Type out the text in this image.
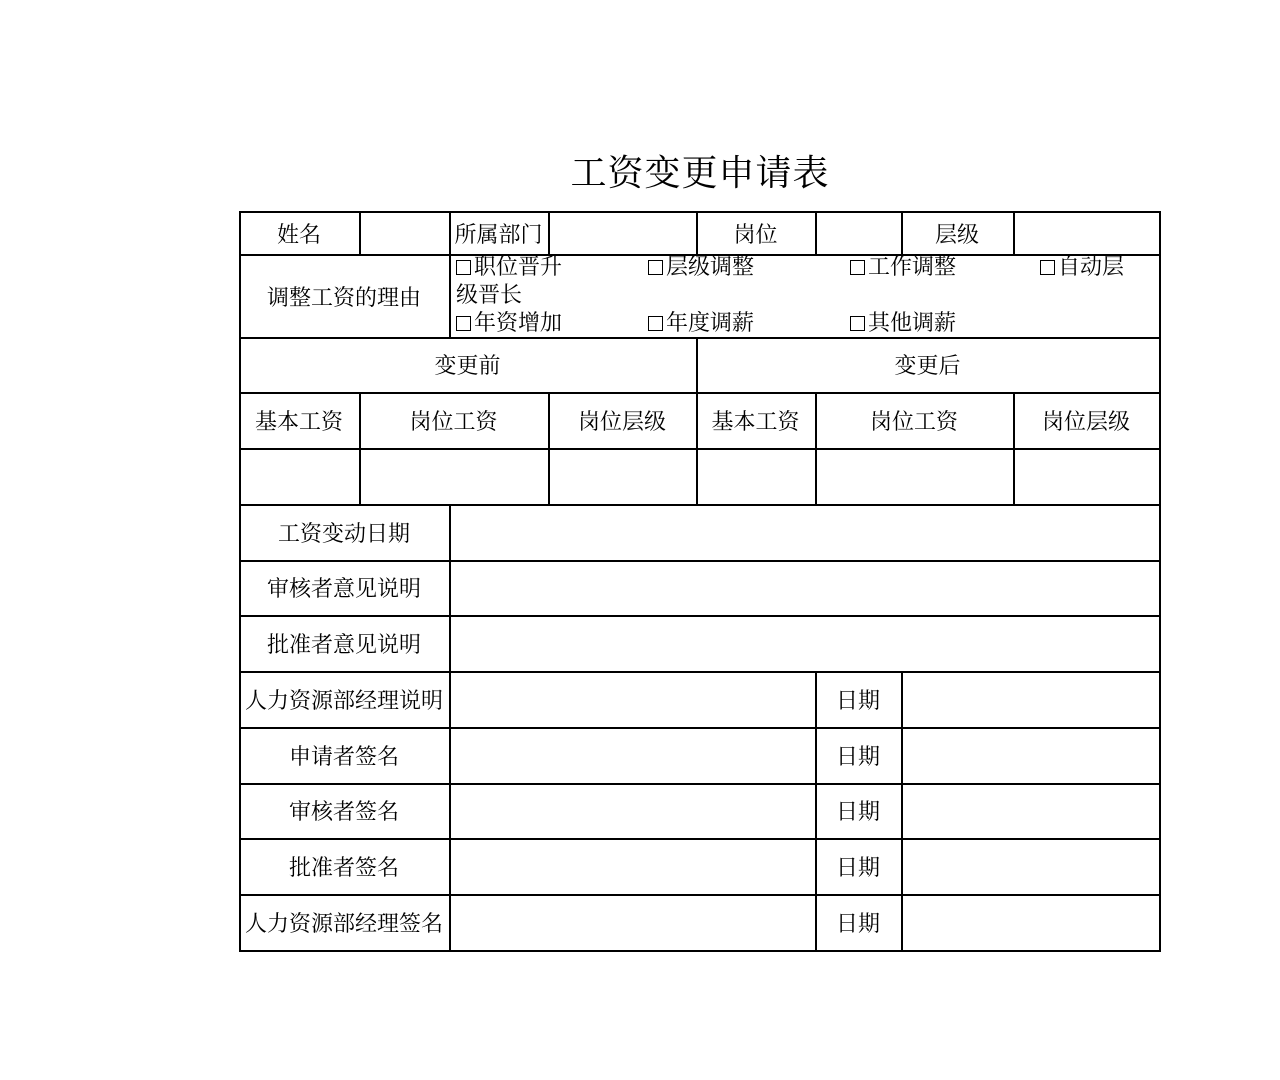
工资变更申请表
姓名	所属部门	岗位	层级
调整工资的理由
职位晋升	层级调整	工作调整	自动层
级晋长
年资增加	年度调薪	其他调薪
变更前	变更后
基本工资	岗位工资	岗位层级	基本工资	岗位工资	岗位层级
工资变动日期
审核者意见说明
批准者意见说明
人力资源部经理说明	日期
申请者签名	日期
审核者签名	日期
批准者签名	日期
人力资源部经理签名	日期
